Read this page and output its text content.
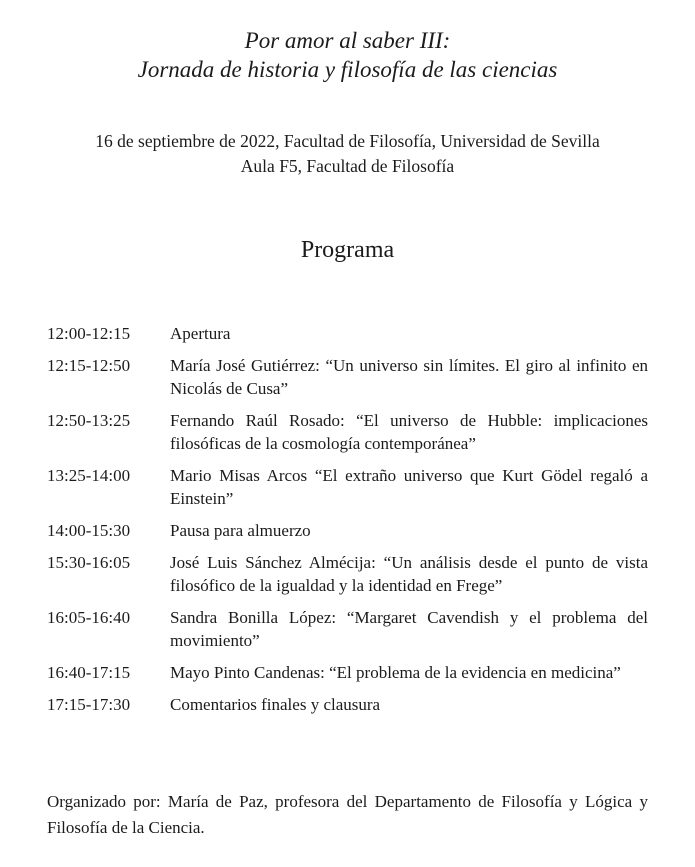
Por amor al saber III:
Jornada de historia y filosofía de las ciencias
16 de septiembre de 2022, Facultad de Filosofía, Universidad de Sevilla
Aula F5, Facultad de Filosofía
Programa
12:00-12:15	Apertura
12:15-12:50	María José Gutiérrez: “Un universo sin límites. El giro al infinito en Nicolás de Cusa”
12:50-13:25	Fernando Raúl Rosado: “El universo de Hubble: implicaciones filosóficas de la cosmología contemporánea”
13:25-14:00	Mario Misas Arcos “El extraño universo que Kurt Gödel regaló a Einstein”
14:00-15:30	Pausa para almuerzo
15:30-16:05	José Luis Sánchez Almécija: “Un análisis desde el punto de vista filosófico de la igualdad y la identidad en Frege”
16:05-16:40	Sandra Bonilla López: “Margaret Cavendish y el problema del movimiento”
16:40-17:15	Mayo Pinto Candenas: “El problema de la evidencia en medicina”
17:15-17:30	Comentarios finales y clausura
Organizado por: María de Paz, profesora del Departamento de Filosofía y Lógica y Filosofía de la Ciencia.
